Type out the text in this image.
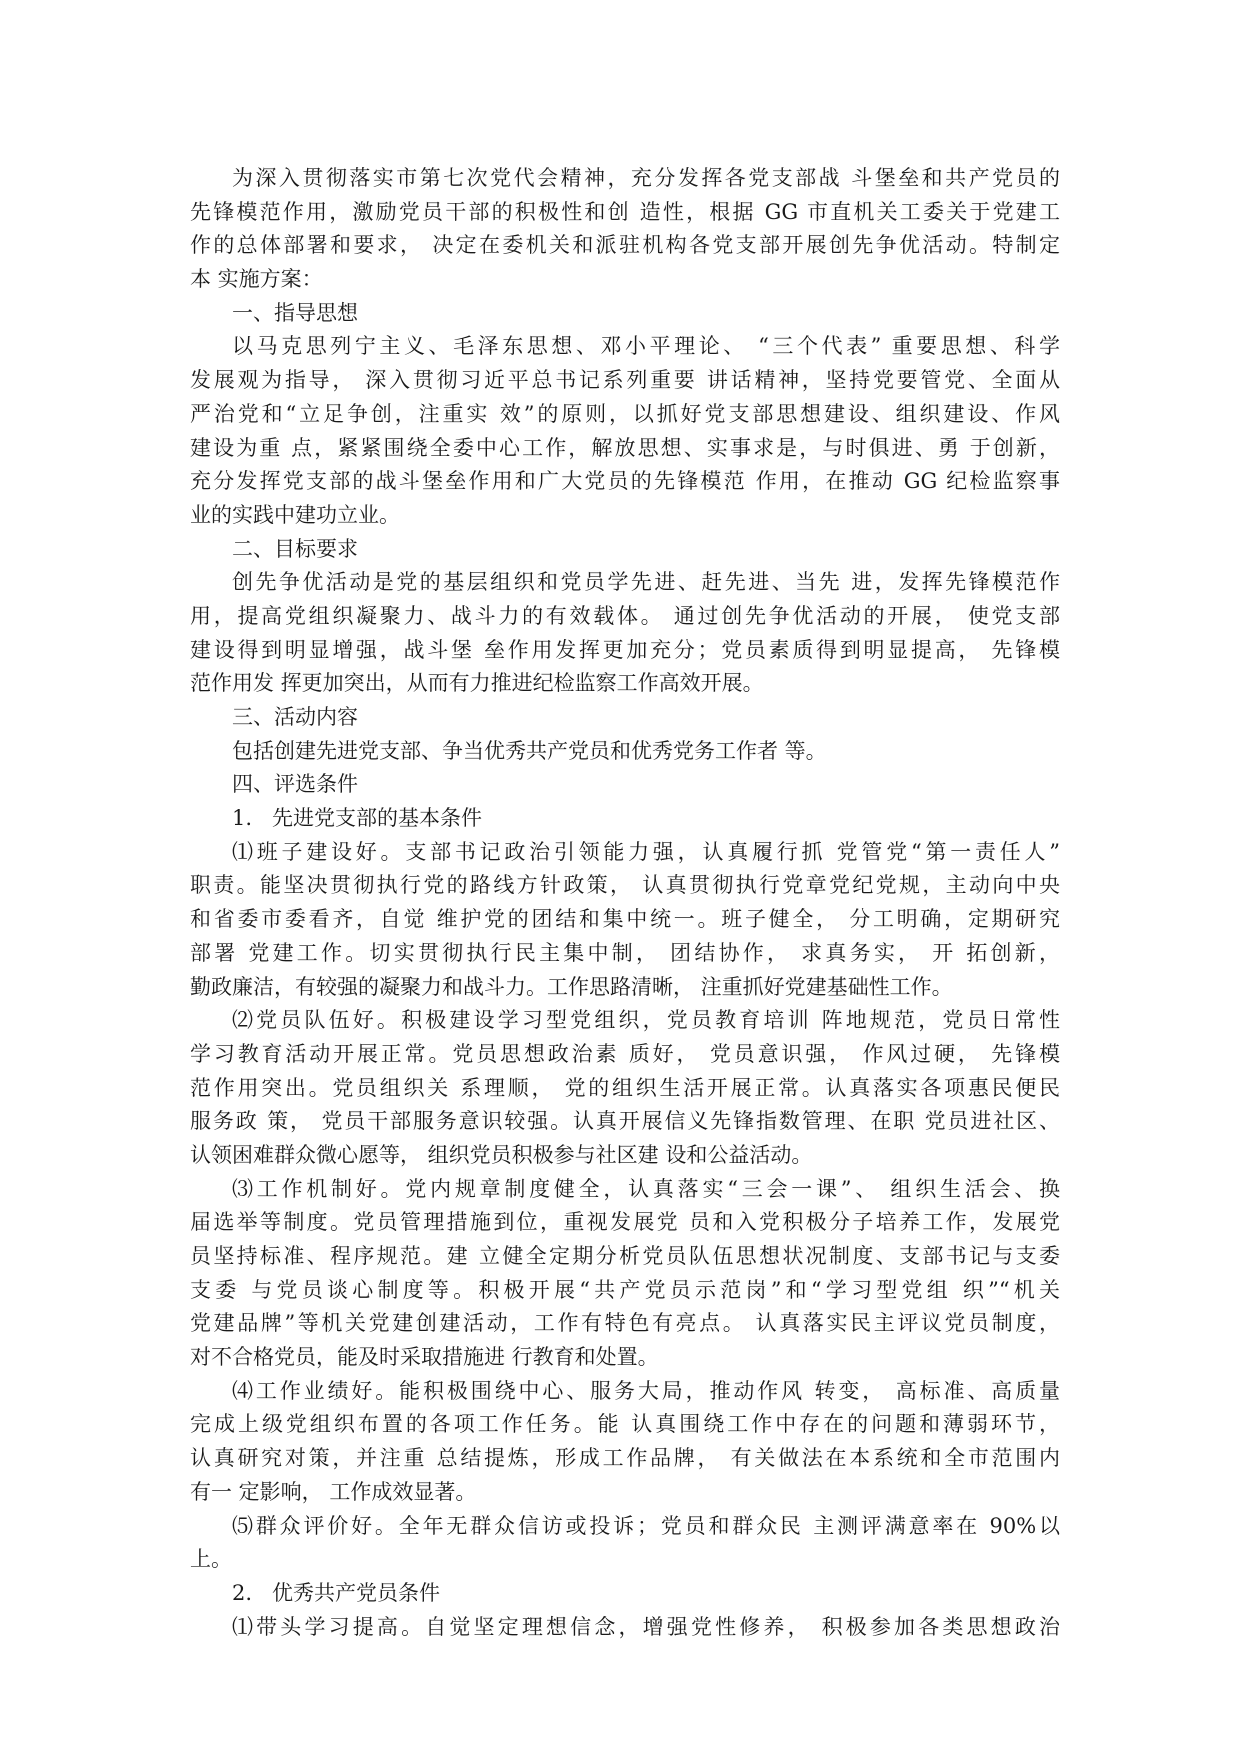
为深入贯彻落实市第七次党代会精神，充分发挥各党支部战 斗堡垒和共产党员的
先锋模范作用，激励党员干部的积极性和创 造性，根据 GG 市直机关工委关于党建工
作的总体部署和要求， 决定在委机关和派驻机构各党支部开展创先争优活动。特制定
本 实施方案：
一、指导思想
以马克思列宁主义、毛泽东思想、邓小平理论、 “三个代表” 重要思想、科学
发展观为指导， 深入贯彻习近平总书记系列重要 讲话精神，坚持党要管党、全面从
严治党和“立足争创，注重实 效”的原则，以抓好党支部思想建设、组织建设、作风
建设为重 点，紧紧围绕全委中心工作，解放思想、实事求是，与时俱进、勇 于创新，
充分发挥党支部的战斗堡垒作用和广大党员的先锋模范 作用，在推动 GG 纪检监察事
业的实践中建功立业。
二、目标要求
创先争优活动是党的基层组织和党员学先进、赶先进、当先 进，发挥先锋模范作
用，提高党组织凝聚力、战斗力的有效载体。 通过创先争优活动的开展， 使党支部
建设得到明显增强，战斗堡 垒作用发挥更加充分；党员素质得到明显提高， 先锋模
范作用发 挥更加突出，从而有力推进纪检监察工作高效开展。
三、活动内容
包括创建先进党支部、争当优秀共产党员和优秀党务工作者 等。
四、评选条件
1.   先进党支部的基本条件
⑴班子建设好。支部书记政治引领能力强，认真履行抓 党管党“第一责任人”
职责。能坚决贯彻执行党的路线方针政策， 认真贯彻执行党章党纪党规，主动向中央
和省委市委看齐，自觉 维护党的团结和集中统一。班子健全， 分工明确，定期研究
部署 党建工作。切实贯彻执行民主集中制， 团结协作， 求真务实， 开 拓创新，
勤政廉洁，有较强的凝聚力和战斗力。工作思路清晰， 注重抓好党建基础性工作。
⑵党员队伍好。积极建设学习型党组织，党员教育培训 阵地规范，党员日常性
学习教育活动开展正常。党员思想政治素 质好， 党员意识强， 作风过硬， 先锋模
范作用突出。党员组织关 系理顺， 党的组织生活开展正常。认真落实各项惠民便民
服务政 策， 党员干部服务意识较强。认真开展信义先锋指数管理、在职 党员进社区、
认领困难群众微心愿等， 组织党员积极参与社区建 设和公益活动。
⑶工作机制好。党内规章制度健全，认真落实“三会一课”、 组织生活会、换
届选举等制度。党员管理措施到位，重视发展党 员和入党积极分子培养工作，发展党
员坚持标准、程序规范。建 立健全定期分析党员队伍思想状况制度、支部书记与支委
支委 与党员谈心制度等。积极开展“共产党员示范岗”和“学习型党组 织”“机关
党建品牌”等机关党建创建活动，工作有特色有亮点。 认真落实民主评议党员制度，
对不合格党员，能及时采取措施进 行教育和处置。
⑷工作业绩好。能积极围绕中心、服务大局，推动作风 转变， 高标准、高质量
完成上级党组织布置的各项工作任务。能 认真围绕工作中存在的问题和薄弱环节，
认真研究对策，并注重 总结提炼，形成工作品牌， 有关做法在本系统和全市范围内
有一 定影响， 工作成效显著。
⑸群众评价好。全年无群众信访或投诉；党员和群众民 主测评满意率在 90%以
上。
2.   优秀共产党员条件
⑴带头学习提高。自觉坚定理想信念，增强党性修养， 积极参加各类思想政治
